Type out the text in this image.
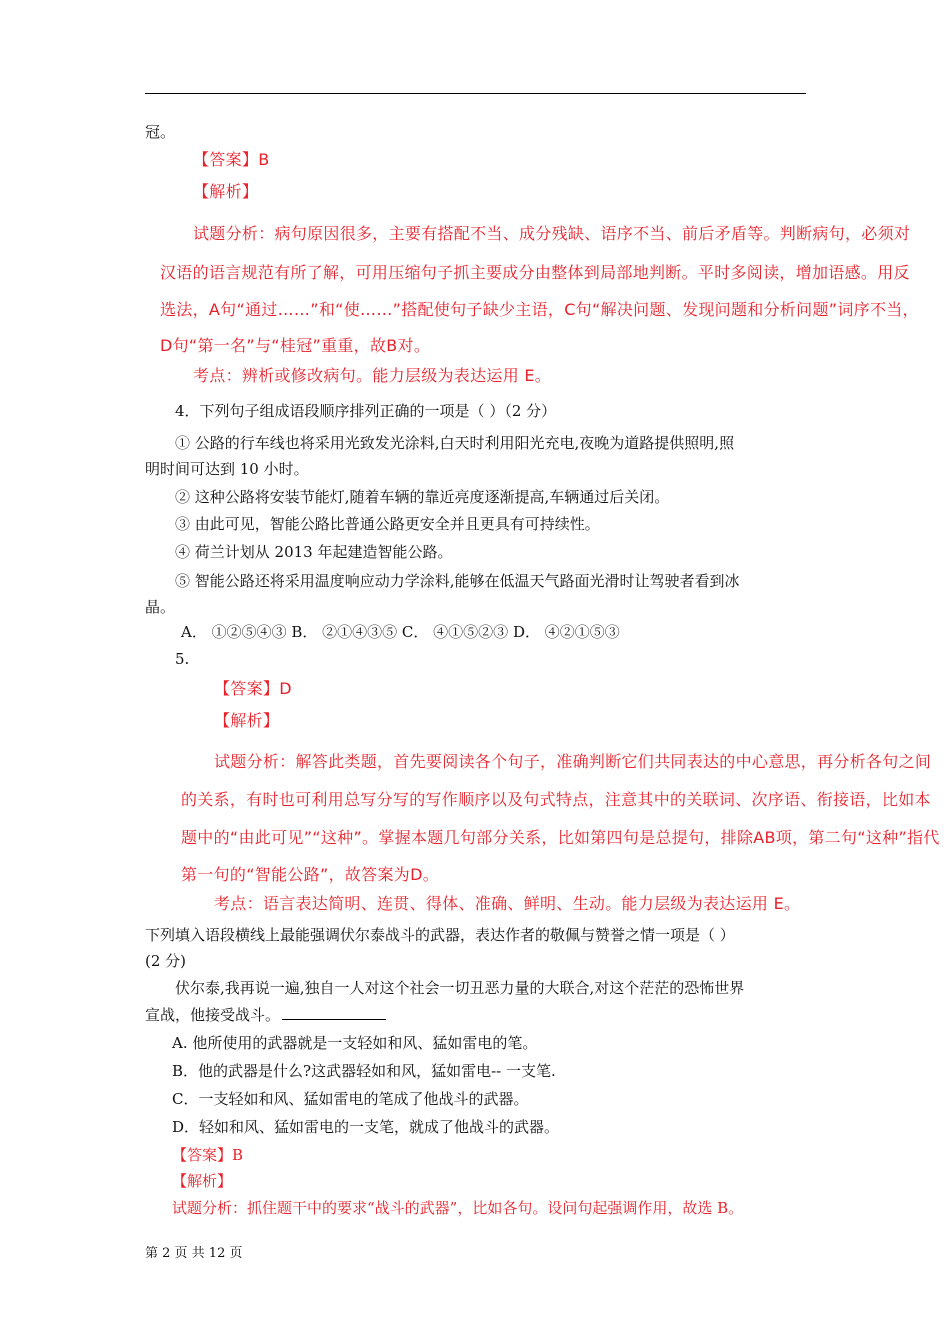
冠。
【答案】B
【解析】
试题分析：病句原因很多，主要有搭配不当、成分残缺、语序不当、前后矛盾等。判断病句，必须对
汉语的语言规范有所了解，可用压缩句子抓主要成分由整体到局部地判断。平时多阅读，增加语感。用反
选法，A句“通过……”和“使……”搭配使句子缺少主语，C句“解决问题、发现问题和分析问题”词序不当，
D句“第一名”与“桂冠”重重，故B对。
考点：辨析或修改病句。能力层级为表达运用 E。
4．下列句子组成语段顺序排列正确的一项是（ ）（2 分）
① 公路的行车线也将采用光致发光涂料,白天时利用阳光充电,夜晚为道路提供照明,照
明时间可达到 10 小时。
② 这种公路将安装节能灯,随着车辆的靠近亮度逐渐提高,车辆通过后关闭。
③ 由此可见，智能公路比普通公路更安全并且更具有可持续性。
④ 荷兰计划从 2013 年起建造智能公路。
⑤ 智能公路还将采用温度响应动力学涂料,能够在低温天气路面光滑时让驾驶者看到冰
晶。
A． ①②⑤④③ B． ②①④③⑤ C． ④①⑤②③ D． ④②①⑤③
5.
【答案】D
【解析】
试题分析：解答此类题，首先要阅读各个句子，准确判断它们共同表达的中心意思，再分析各句之间
的关系，有时也可利用总写分写的写作顺序以及句式特点，注意其中的关联词、次序语、衔接语，比如本
题中的“由此可见”“这种”。掌握本题几句部分关系，比如第四句是总提句，排除AB项，第二句“这种”指代
第一句的“智能公路”，故答案为D。
考点：语言表达简明、连贯、得体、准确、鲜明、生动。能力层级为表达运用 E。
下列填入语段横线上最能强调伏尔泰战斗的武器，表达作者的敬佩与赞誉之情一项是（ ）
(2 分)
伏尔泰,我再说一遍,独自一人对这个社会一切丑恶力量的大联合,对这个茫茫的恐怖世界
宣战，他接受战斗。
A. 他所使用的武器就是一支轻如和风、猛如雷电的笔。
B．他的武器是什么?这武器轻如和风，猛如雷电-- 一支笔.
C．一支轻如和风、猛如雷电的笔成了他战斗的武器。
D．轻如和风、猛如雷电的一支笔，就成了他战斗的武器。
【答案】B
【解析】
试题分析：抓住题干中的要求“战斗的武器”，比如各句。设问句起强调作用，故选 B。
第 2 页 共 12 页
